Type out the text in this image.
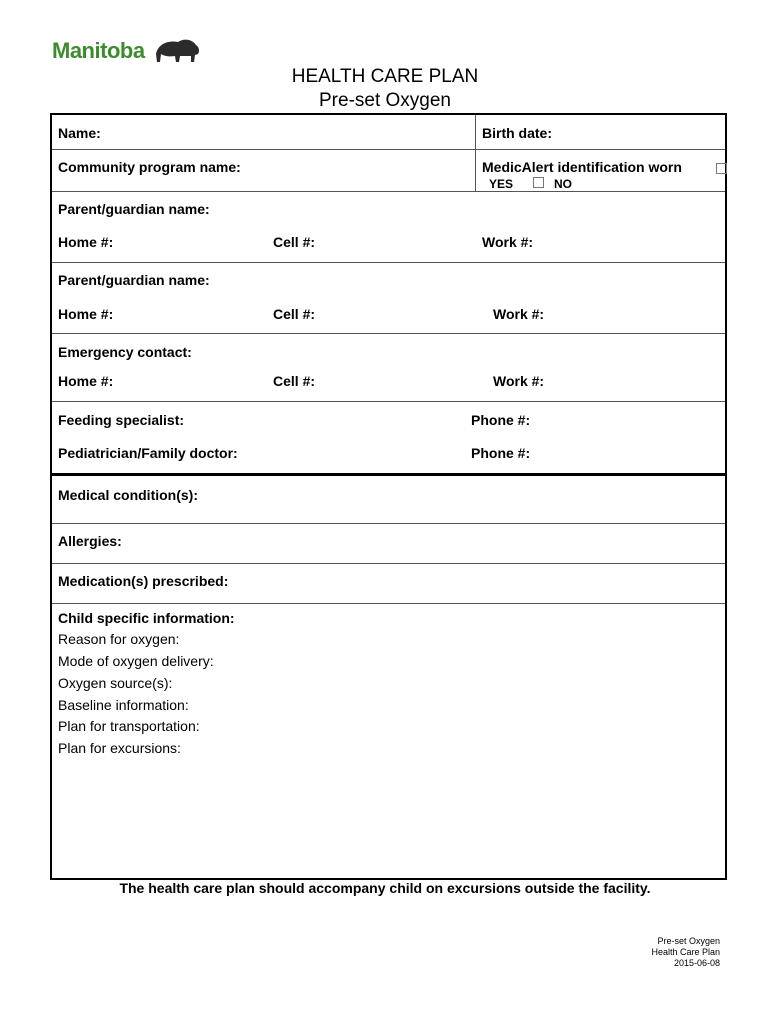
Manitoba
HEALTH CARE PLAN
Pre-set Oxygen
Name:	Birth date:
Community program name:	MedicAlert identification worn
YES	NO
Parent/guardian name:
Home #:	Cell #:	Work #:
Parent/guardian name:
Home #:	Cell #:	Work #:
Emergency contact:
Home #:	Cell #:	Work #:
Feeding specialist:	Phone #:
Pediatrician/Family doctor:	Phone #:
Medical condition(s):
Allergies:
Medication(s) prescribed:
Child specific information:
Reason for oxygen:
Mode of oxygen delivery:
Oxygen source(s):
Baseline information:
Plan for transportation:
Plan for excursions:
The health care plan should accompany child on excursions outside the facility.
Pre-set Oxygen
Health Care Plan
2015-06-08
